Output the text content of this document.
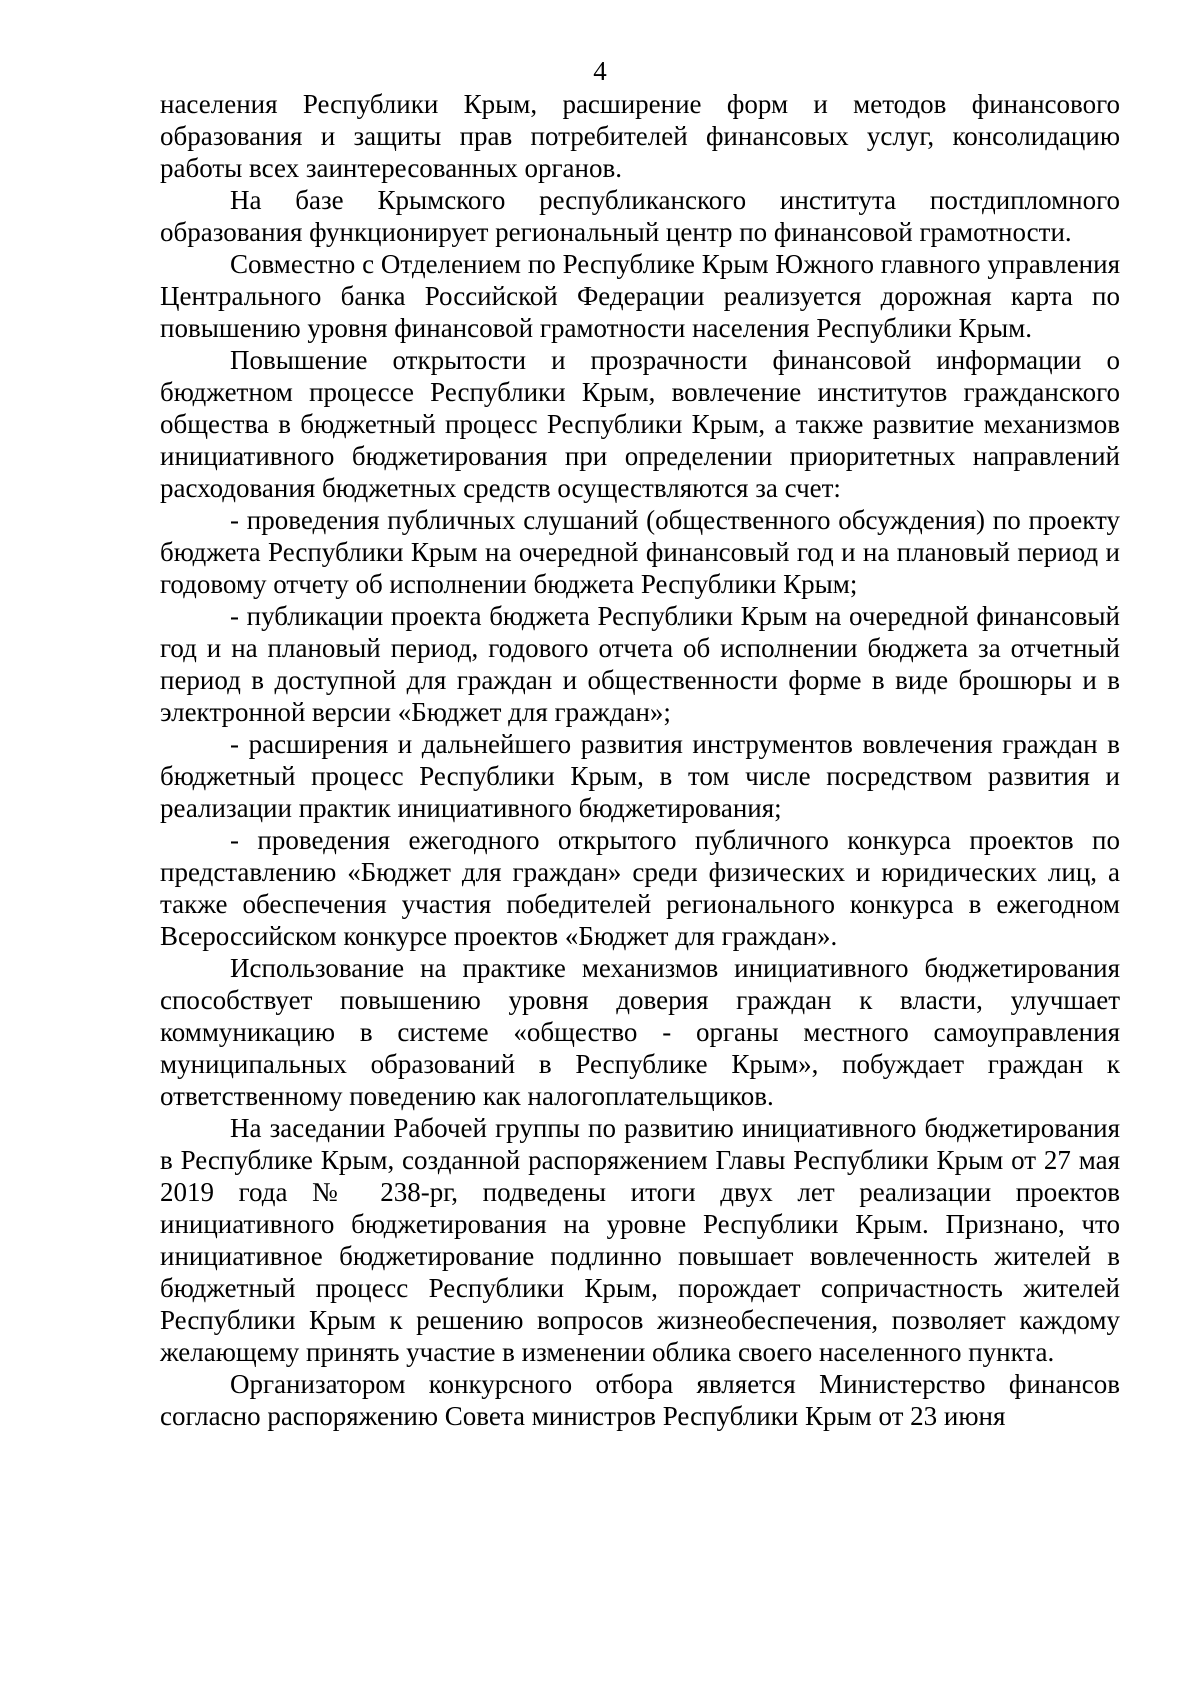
4

населения Республики Крым, расширение форм и методов финансового образования и защиты прав потребителей финансовых услуг, консолидацию работы всех заинтересованных органов.

На базе Крымского республиканского института постдипломного образования функционирует региональный центр по финансовой грамотности.

Совместно с Отделением по Республике Крым Южного главного управления Центрального банка Российской Федерации реализуется дорожная карта по повышению уровня финансовой грамотности населения Республики Крым.

Повышение открытости и прозрачности финансовой информации о бюджетном процессе Республики Крым, вовлечение институтов гражданского общества в бюджетный процесс Республики Крым, а также развитие механизмов инициативного бюджетирования при определении приоритетных направлений расходования бюджетных средств осуществляются за счет:

- проведения публичных слушаний (общественного обсуждения) по проекту бюджета Республики Крым на очередной финансовый год и на плановый период и годовому отчету об исполнении бюджета Республики Крым;

- публикации проекта бюджета Республики Крым на очередной финансовый год и на плановый период, годового отчета об исполнении бюджета за отчетный период в доступной для граждан и общественности форме в виде брошюры и в электронной версии «Бюджет для граждан»;

- расширения и дальнейшего развития инструментов вовлечения граждан в бюджетный процесс Республики Крым, в том числе посредством развития и реализации практик инициативного бюджетирования;

- проведения ежегодного открытого публичного конкурса проектов по представлению «Бюджет для граждан» среди физических и юридических лиц, а также обеспечения участия победителей регионального конкурса в ежегодном Всероссийском конкурсе проектов «Бюджет для граждан».

Использование на практике механизмов инициативного бюджетирования способствует повышению уровня доверия граждан к власти, улучшает коммуникацию в системе «общество - органы местного самоуправления муниципальных образований в Республике Крым», побуждает граждан к ответственному поведению как налогоплательщиков.

На заседании Рабочей группы по развитию инициативного бюджетирования в Республике Крым, созданной распоряжением Главы Республики Крым от 27 мая 2019 года № 238-рг, подведены итоги двух лет реализации проектов инициативного бюджетирования на уровне Республики Крым. Признано, что инициативное бюджетирование подлинно повышает вовлеченность жителей в бюджетный процесс Республики Крым, порождает сопричастность жителей Республики Крым к решению вопросов жизнеобеспечения, позволяет каждому желающему принять участие в изменении облика своего населенного пункта.

Организатором конкурсного отбора является Министерство финансов согласно распоряжению Совета министров Республики Крым от 23 июня
